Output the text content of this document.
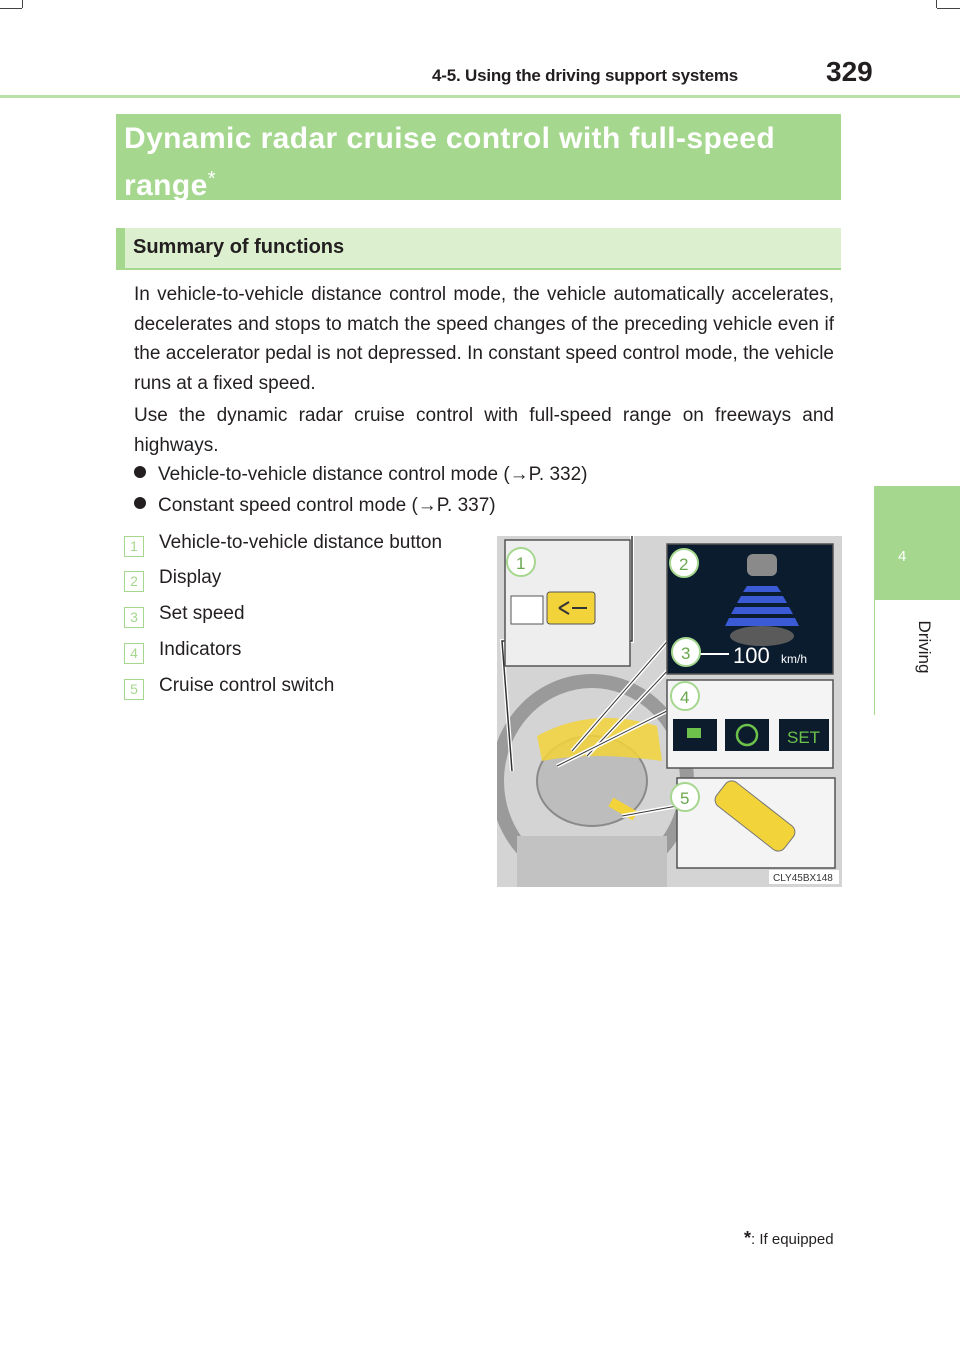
4-5. Using the driving support systems	329
4
Driving
Dynamic radar cruise control with full-speed range*
Summary of functions
In vehicle-to-vehicle distance control mode, the vehicle automatically accelerates, decelerates and stops to match the speed changes of the preceding vehicle even if the accelerator pedal is not depressed. In constant speed control mode, the vehicle runs at a fixed speed.
Use the dynamic radar cruise control with full-speed range on freeways and highways.
Vehicle-to-vehicle distance control mode (→P. 332)
Constant speed control mode (→P. 337)
1	Vehicle-to-vehicle distance button
2	Display
3	Set speed
4	Indicators
5	Cruise control switch
100 km/h
SET
1	2
3
4
5
CLY45BX148
*: If equipped
